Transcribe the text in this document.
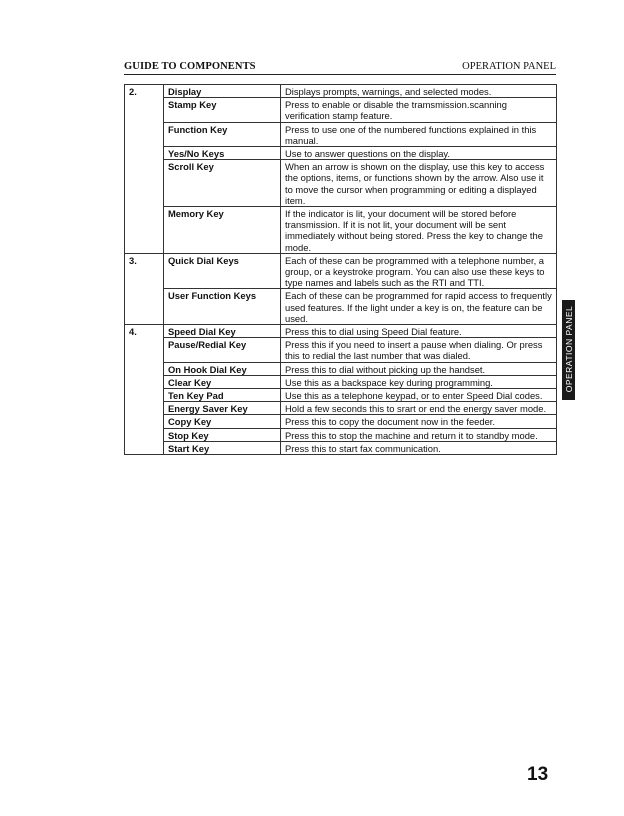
GUIDE TO COMPONENTS	OPERATION PANEL
2.	Display	Displays prompts, warnings, and selected modes.
	Stamp Key	Press to enable or disable the tramsmission.scanning verification stamp feature.
	Function Key	Press to use one of the numbered functions explained in this manual.
	Yes/No Keys	Use to answer questions on the display.
	Scroll Key	When an arrow is shown on the display, use this key to access the options, items, or functions shown by the arrow. Also use it to move the cursor when programming or editing a displayed item.
	Memory Key	If the indicator is lit, your document will be stored before transmission. If it is not lit, your document will be sent immediately without being stored. Press the key to change the mode.
3.	Quick Dial Keys	Each of these can be programmed with a telephone number, a group, or a keystroke program. You can also use these keys to type names and labels such as the RTI and TTI.
	User Function Keys	Each of these can be programmed for rapid access to frequently used features. If the light under a key is on, the feature can be used.
4.	Speed Dial Key	Press this to dial using Speed Dial feature.
	Pause/Redial Key	Press this if you need to insert a pause when dialing. Or press this to redial the last number that was dialed.
	On Hook Dial Key	Press this to dial without picking up the handset.
	Clear Key	Use this as a backspace key during programming.
	Ten Key Pad	Use this as a telephone keypad, or to enter Speed Dial codes.
	Energy Saver Key	Hold a few seconds this to srart or end the energy saver mode.
	Copy Key	Press this to copy the document now in the feeder.
	Stop Key	Press this to stop the machine and return it to standby mode.
	Start Key	Press this to start fax communication.
OPERATION PANEL
13
